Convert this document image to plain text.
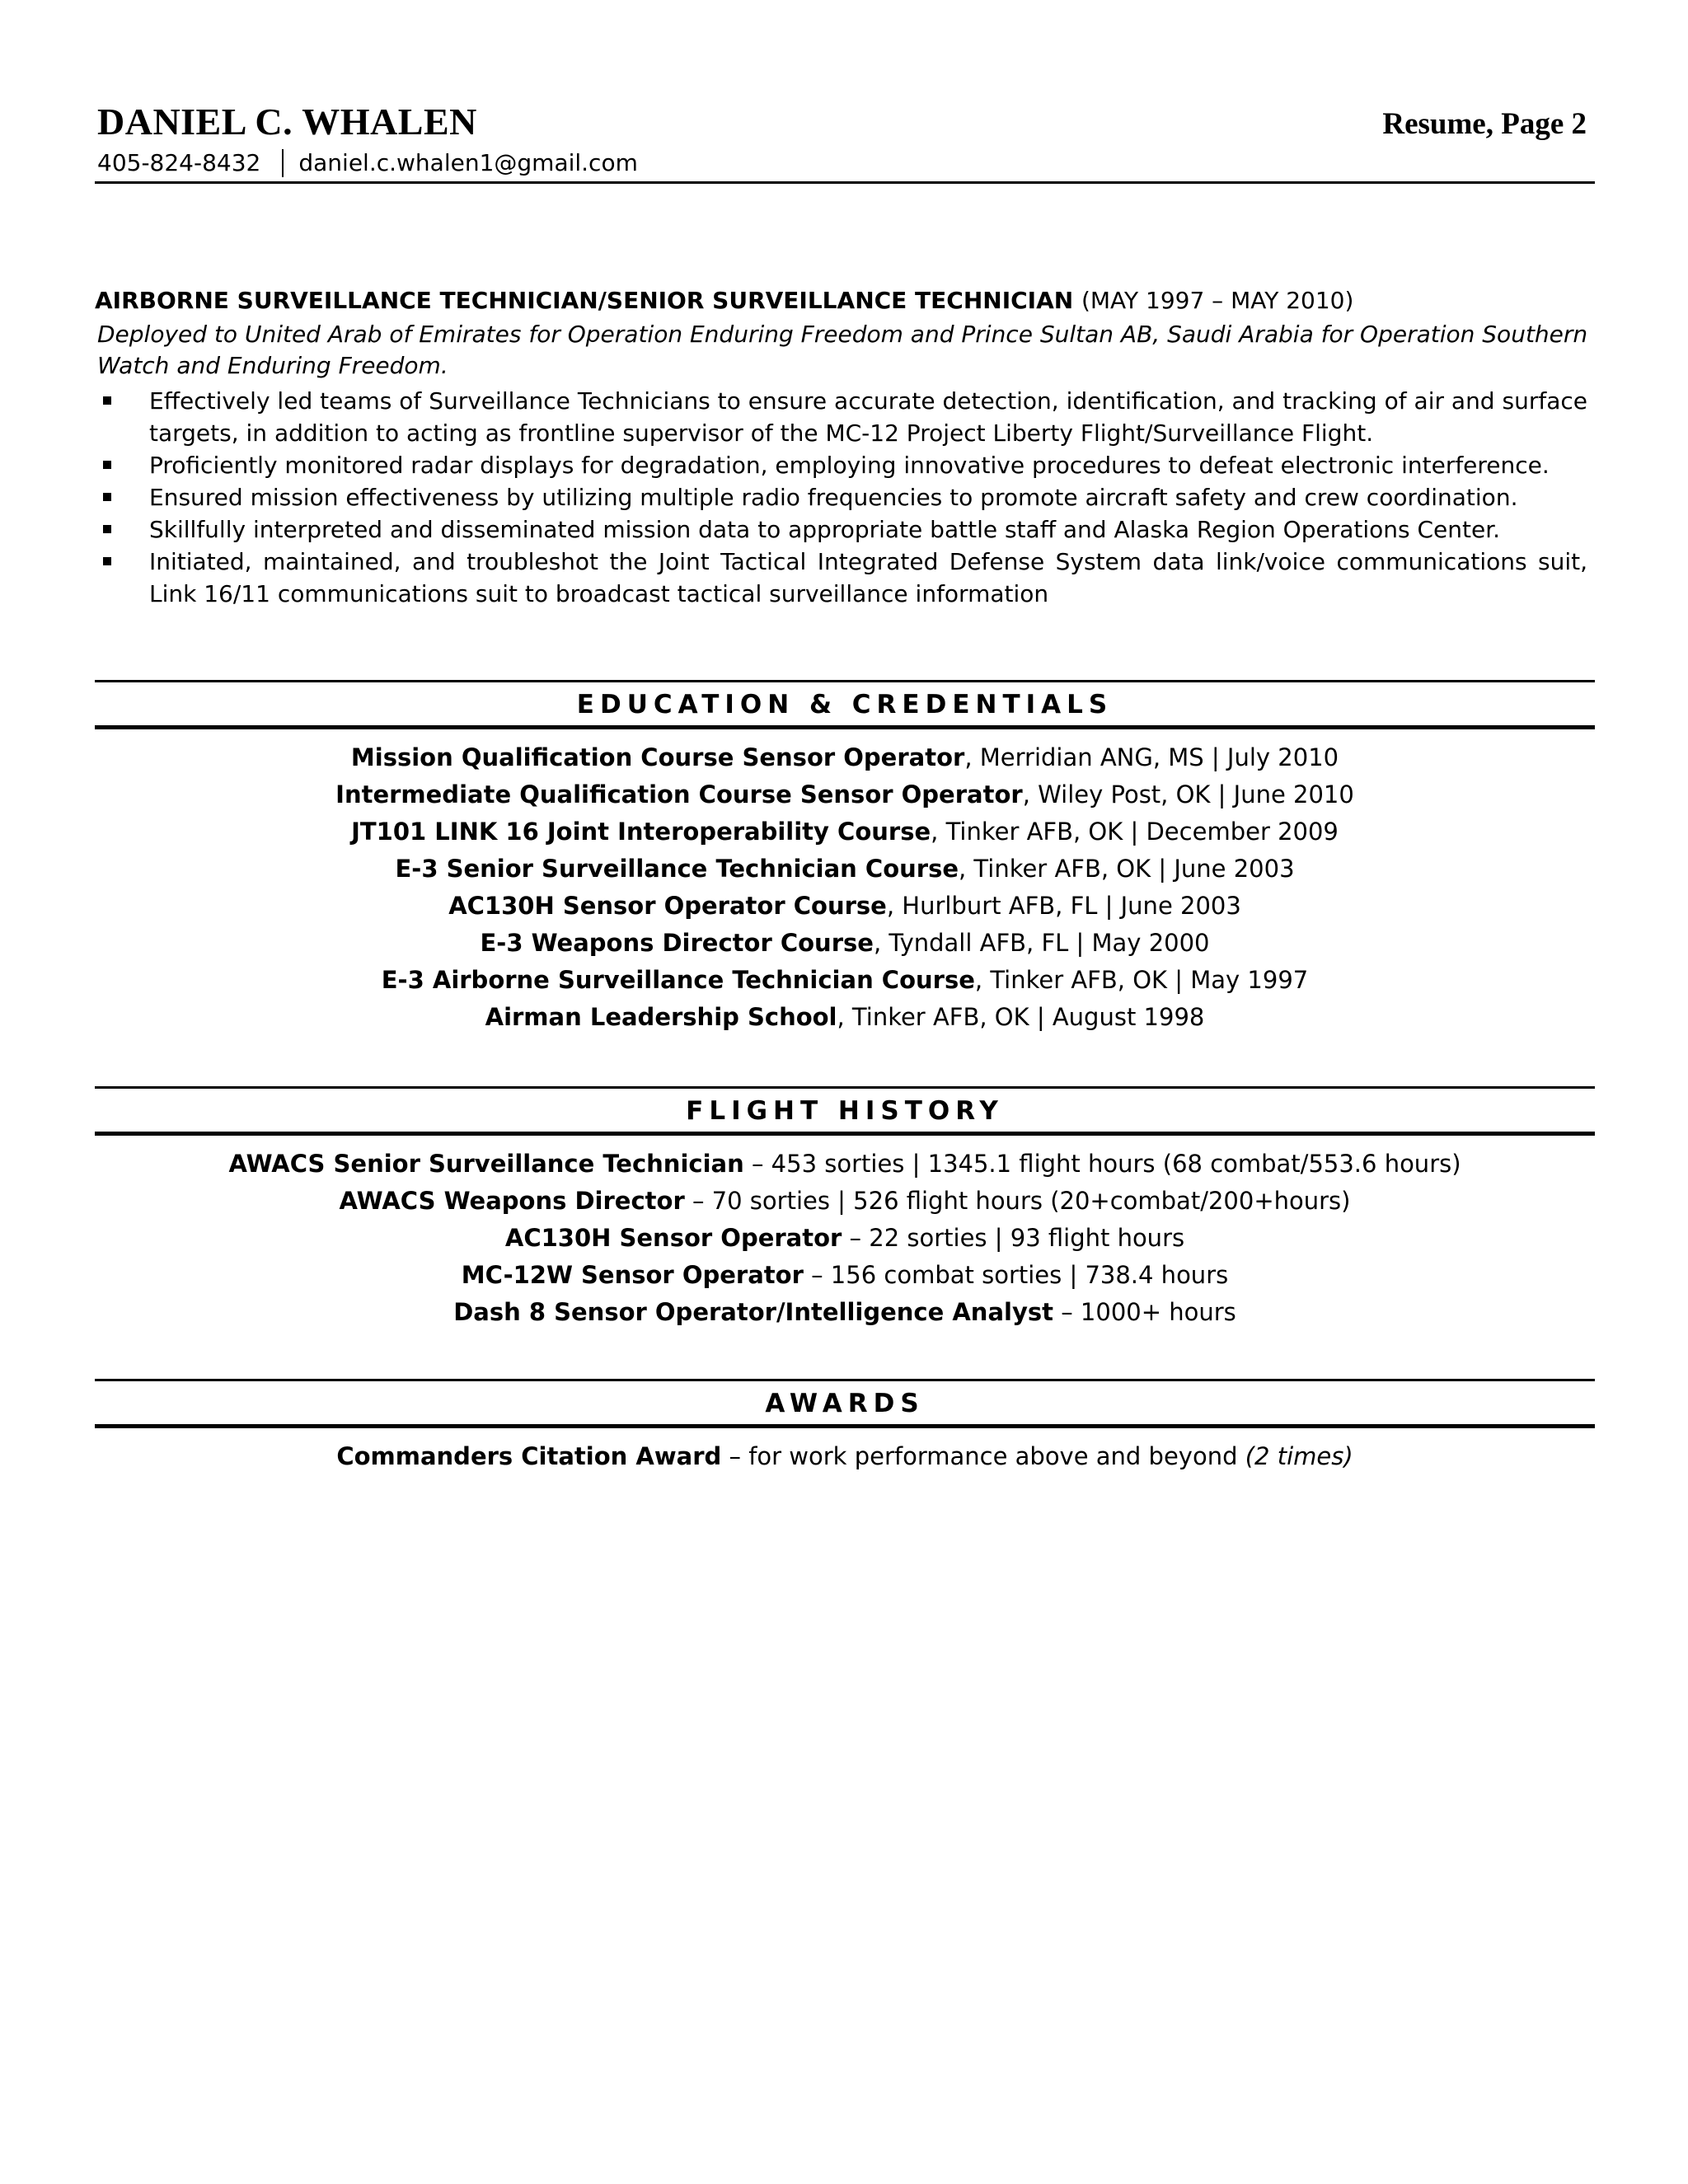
DANIEL C. WHALEN	Resume, Page 2
405-824-8432 daniel.c.whalen1@gmail.com
AIRBORNE SURVEILLANCE TECHNICIAN/SENIOR SURVEILLANCE TECHNICIAN (MAY 1997 – MAY 2010)
Deployed to United Arab of Emirates for Operation Enduring Freedom and Prince Sultan AB, Saudi Arabia for Operation Southern Watch and Enduring Freedom.
Effectively led teams of Surveillance Technicians to ensure accurate detection, identification, and tracking of air and surface targets, in addition to acting as frontline supervisor of the MC-12 Project Liberty Flight/Surveillance Flight.
Proficiently monitored radar displays for degradation, employing innovative procedures to defeat electronic interference.
Ensured mission effectiveness by utilizing multiple radio frequencies to promote aircraft safety and crew coordination.
Skillfully interpreted and disseminated mission data to appropriate battle staff and Alaska Region Operations Center.
Initiated, maintained, and troubleshot the Joint Tactical Integrated Defense System data link/voice communications suit, Link 16/11 communications suit to broadcast tactical surveillance information
EDUCATION & CREDENTIALS
Mission Qualification Course Sensor Operator, Merridian ANG, MS | July 2010
Intermediate Qualification Course Sensor Operator, Wiley Post, OK | June 2010
JT101 LINK 16 Joint Interoperability Course, Tinker AFB, OK | December 2009
E-3 Senior Surveillance Technician Course, Tinker AFB, OK | June 2003
AC130H Sensor Operator Course, Hurlburt AFB, FL | June 2003
E-3 Weapons Director Course, Tyndall AFB, FL | May 2000
E-3 Airborne Surveillance Technician Course, Tinker AFB, OK | May 1997
Airman Leadership School, Tinker AFB, OK | August 1998
FLIGHT HISTORY
AWACS Senior Surveillance Technician – 453 sorties | 1345.1 flight hours (68 combat/553.6 hours)
AWACS Weapons Director – 70 sorties | 526 flight hours (20+combat/200+hours)
AC130H Sensor Operator – 22 sorties | 93 flight hours
MC-12W Sensor Operator – 156 combat sorties | 738.4 hours
Dash 8 Sensor Operator/Intelligence Analyst – 1000+ hours
AWARDS
Commanders Citation Award – for work performance above and beyond (2 times)
